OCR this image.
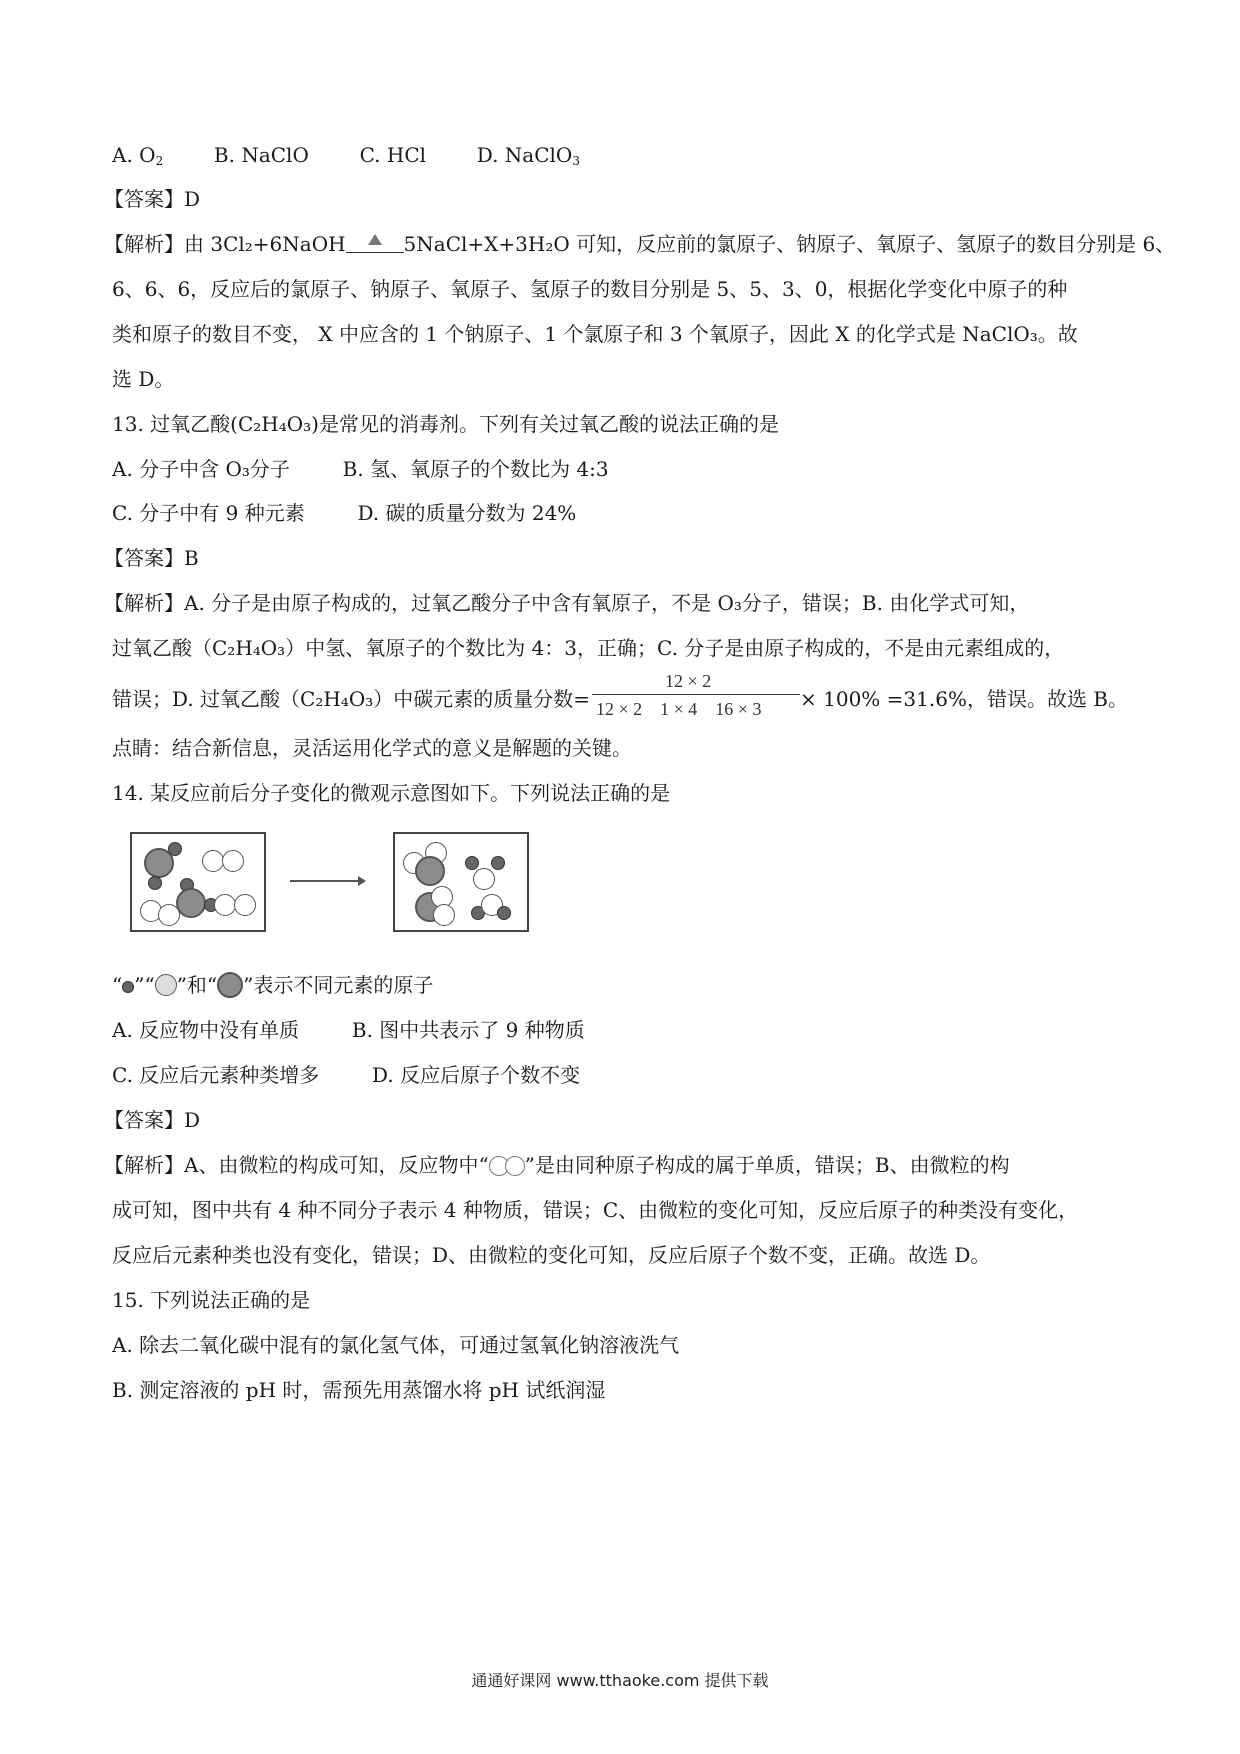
A. $O_2$	B. NaClO	C. HCl	D. NaClO$_3$
【答案】D
【解析】由 3Cl₂+6NaOH	5NaCl+X+3H₂O 可知，反应前的氯原子、钠原子、氧原子、氢原子的数目分别是 6、
6、6、6，反应后的氯原子、钠原子、氧原子、氢原子的数目分别是 5、5、3、0，根据化学变化中原子的种
类和原子的数目不变， X 中应含的 1 个钠原子、1 个氯原子和 3 个氧原子，因此 X 的化学式是 NaClO₃。故
选 D。
13. 过氧乙酸(C₂H₄O₃)是常见的消毒剂。下列有关过氧乙酸的说法正确的是
A. 分子中含 O₃分子	B. 氢、氧原子的个数比为 4:3
C. 分子中有 9 种元素	D. 碳的质量分数为 24%
【答案】B
【解析】A. 分子是由原子构成的，过氧乙酸分子中含有氧原子，不是 O₃分子，错误；B. 由化学式可知，
过氧乙酸（C₂H₄O₃）中氢、氧原子的个数比为 4：3，正确；C. 分子是由原子构成的，不是由元素组成的，
错误；D. 过氧乙酸（C₂H₄O₃）中碳元素的质量分数=
12 × 2
12 × 2    1 × 4    16 × 3 × 100% =31.6%，错误。故选 B。
点睛：结合新信息，灵活运用化学式的意义是解题的关键。
14. 某反应前后分子变化的微观示意图如下。下列说法正确的是
“ ”“ ”和“ ”表示不同元素的原子
A. 反应物中没有单质	B. 图中共表示了 9 种物质
C. 反应后元素种类增多	D. 反应后原子个数不变
【答案】D
【解析】A、由微粒的构成可知，反应物中“ ”是由同种原子构成的属于单质，错误；B、由微粒的构
成可知，图中共有 4 种不同分子表示 4 种物质，错误；C、由微粒的变化可知，反应后原子的种类没有变化，
反应后元素种类也没有变化，错误；D、由微粒的变化可知，反应后原子个数不变，正确。故选 D。
15. 下列说法正确的是
A. 除去二氧化碳中混有的氯化氢气体，可通过氢氧化钠溶液洗气
B. 测定溶液的 pH 时，需预先用蒸馏水将 pH 试纸润湿
通通好课网 www.tthaoke.com 提供下载
